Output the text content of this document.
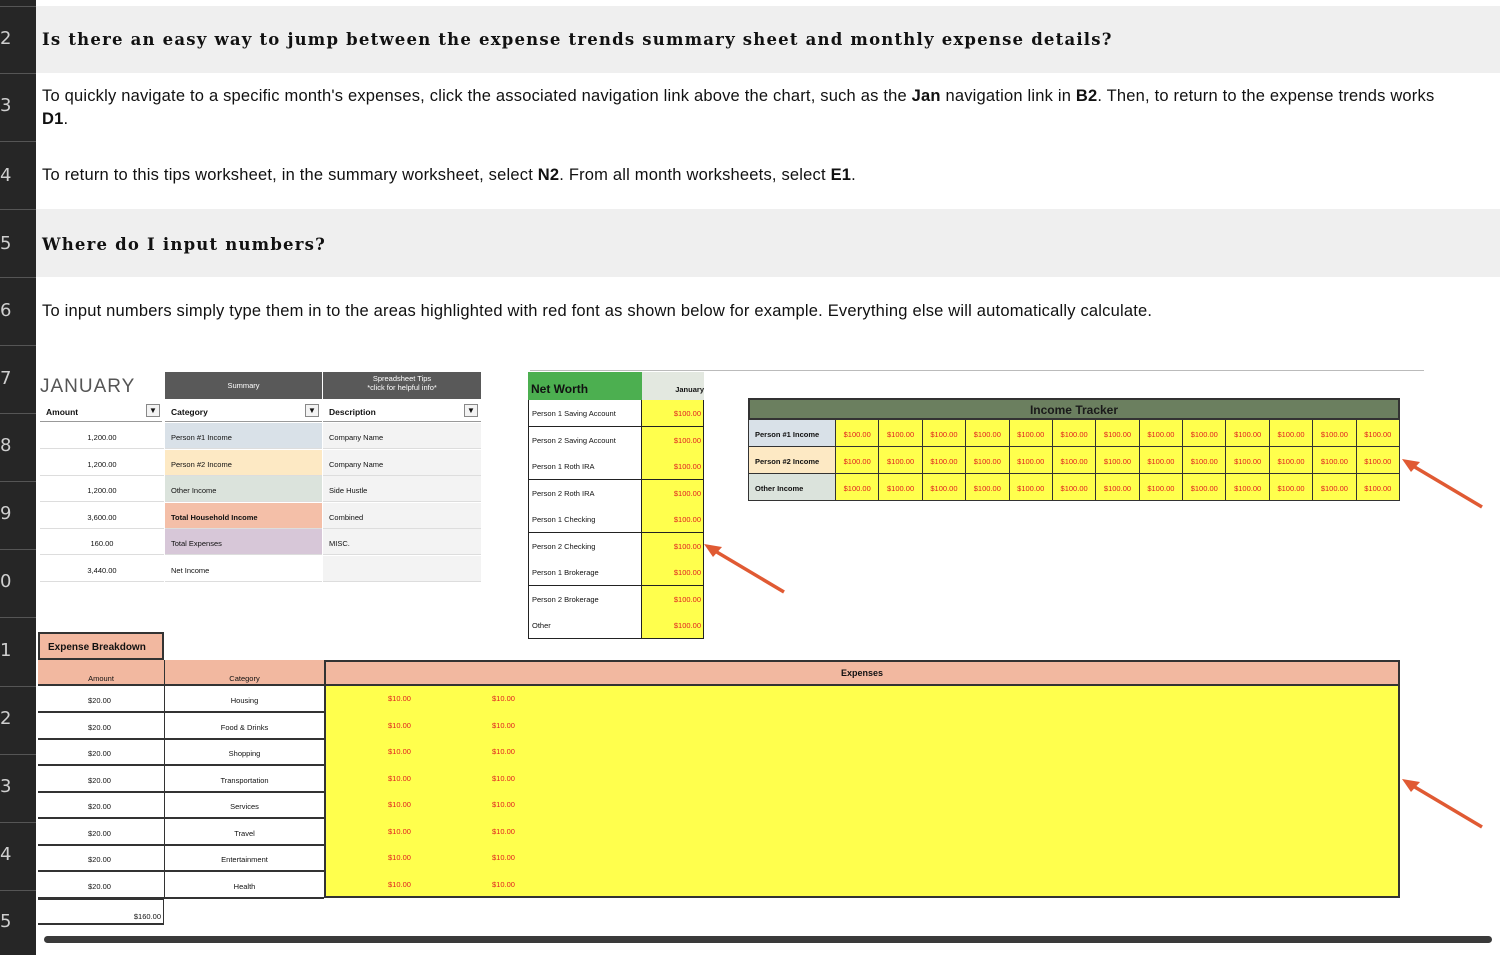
2
3
4
5
6
7
8
9
0
1
2
3
4
5
Is there an easy way to jump between the expense trends summary sheet and monthly expense details?
To quickly navigate to a specific month's expenses, click the associated navigation link above the chart, such as the Jan navigation link in B2. Then, to return to the expense trends works
D1.
To return to this tips worksheet, in the summary worksheet, select N2. From all month worksheets, select E1.
Where do I input numbers?
To input numbers simply type them in to the areas highlighted with red font as shown below for example. Everything else will automatically calculate.
JANUARY	Summary
Spreadsheet Tips
*click for helpful info*
Amount	▼	Category	▼	Description	▼
1,200.00	Person #1 Income	Company Name
1,200.00	Person #2 Income	Company Name
1,200.00	Other Income	Side Hustle
3,600.00	Total Household Income	Combined
160.00	Total Expenses	MISC.
3,440.00	Net Income
Net Worth	January
Person 1 Saving Account	$100.00
Person 2 Saving Account	$100.00
Person 1 Roth IRA	$100.00
Person 2 Roth IRA	$100.00
Person 1 Checking	$100.00
Person 2 Checking	$100.00
Person 1 Brokerage	$100.00
Person 2 Brokerage	$100.00
Other	$100.00
Income Tracker
Person #1 Income	$100.00	$100.00	$100.00	$100.00	$100.00	$100.00	$100.00	$100.00	$100.00	$100.00	$100.00	$100.00	$100.00
Person #2 Income	$100.00	$100.00	$100.00	$100.00	$100.00	$100.00	$100.00	$100.00	$100.00	$100.00	$100.00	$100.00	$100.00
Other Income	$100.00	$100.00	$100.00	$100.00	$100.00	$100.00	$100.00	$100.00	$100.00	$100.00	$100.00	$100.00	$100.00
Expense Breakdown
Amount	Category
Expenses
$20.00	Housing	$10.00	$10.00
$20.00	Food & Drinks	$10.00	$10.00
$20.00	Shopping	$10.00	$10.00
$20.00	Transportation	$10.00	$10.00
$20.00	Services	$10.00	$10.00
$20.00	Travel	$10.00	$10.00
$20.00	Entertainment	$10.00	$10.00
$20.00	Health	$10.00	$10.00
$160.00
